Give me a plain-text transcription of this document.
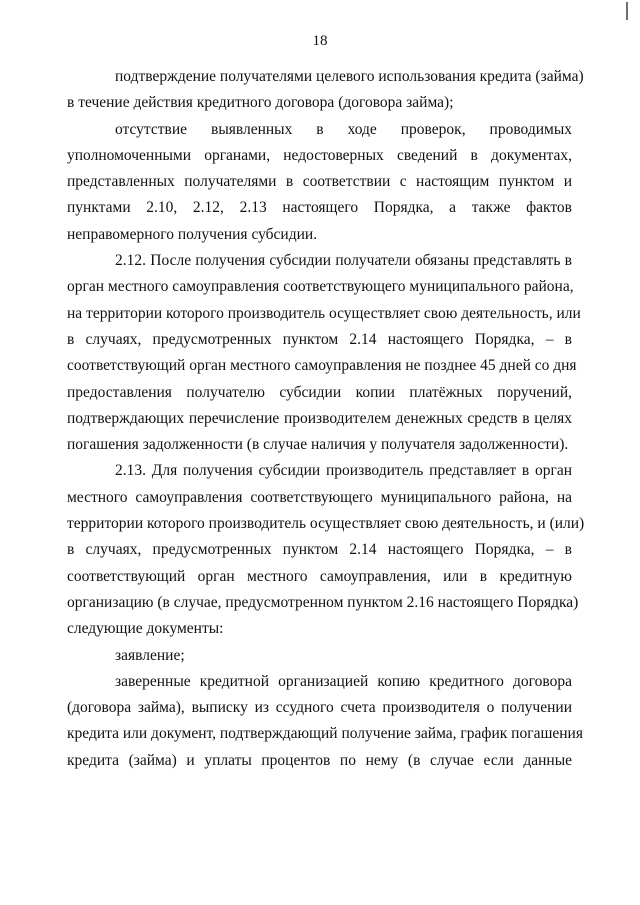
18

подтверждение получателями целевого использования кредита (займа)
в течение действия кредитного договора (договора займа);

отсутствие выявленных в ходе проверок, проводимых
уполномоченными органами, недостоверных сведений в документах,
представленных получателями в соответствии с настоящим пунктом и
пунктами 2.10, 2.12, 2.13 настоящего Порядка, а также фактов
неправомерного получения субсидии.

2.12. После получения субсидии получатели обязаны представлять в
орган местного самоуправления соответствующего муниципального района,
на территории которого производитель осуществляет свою деятельность, или
в случаях, предусмотренных пунктом 2.14 настоящего Порядка, – в
соответствующий орган местного самоуправления не позднее 45 дней со дня
предоставления получателю субсидии копии платёжных поручений,
подтверждающих перечисление производителем денежных средств в целях
погашения задолженности (в случае наличия у получателя задолженности).

2.13. Для получения субсидии производитель представляет в орган
местного самоуправления соответствующего муниципального района, на
территории которого производитель осуществляет свою деятельность, и (или)
в случаях, предусмотренных пунктом 2.14 настоящего Порядка, – в
соответствующий орган местного самоуправления, или в кредитную
организацию (в случае, предусмотренном пунктом 2.16 настоящего Порядка)
следующие документы:

заявление;

заверенные кредитной организацией копию кредитного договора
(договора займа), выписку из ссудного счета производителя о получении
кредита или документ, подтверждающий получение займа, график погашения
кредита (займа) и уплаты процентов по нему (в случае если данные
